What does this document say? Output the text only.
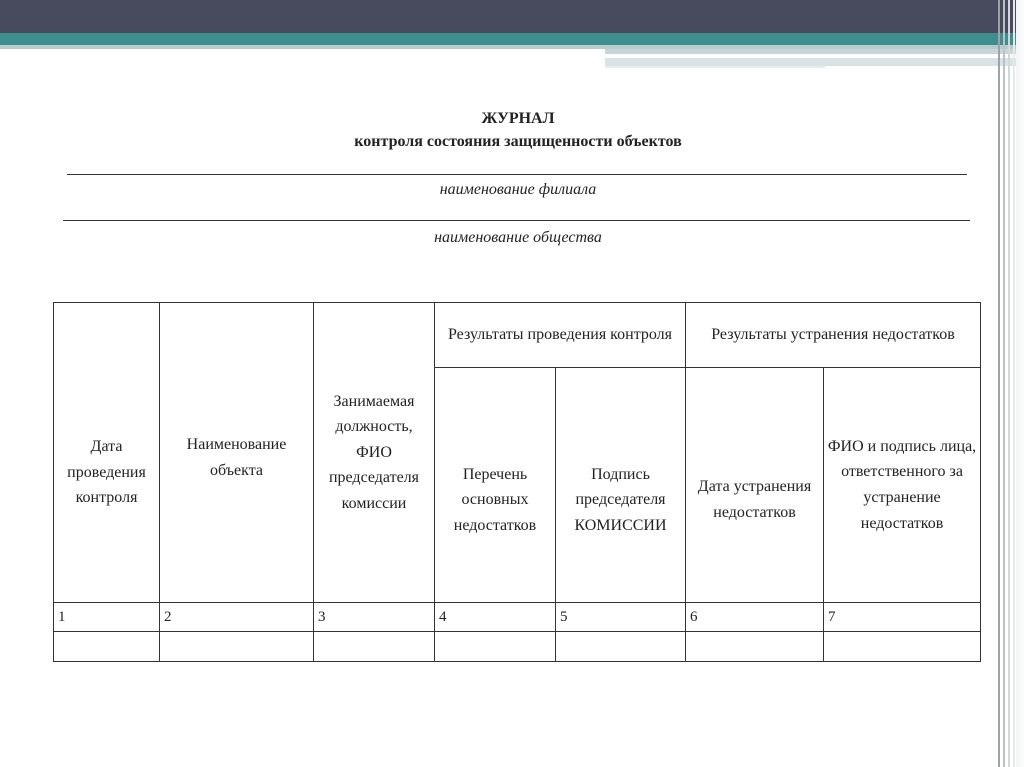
ЖУРНАЛ
контроля состояния защищенности объектов
наименование филиала
наименование общества
Дата проведения контроля	Наименование объекта	Занимаемая должность, ФИО председателя комиссии	Результаты проведения контроля		Результаты устранения недостатков	
			Перечень основных недостатков	Подпись председателя КОМИССИИ	Дата устранения недостатков	ФИО и подпись лица, ответственного за устранение недостатков
1	2	3	4	5	6	7
